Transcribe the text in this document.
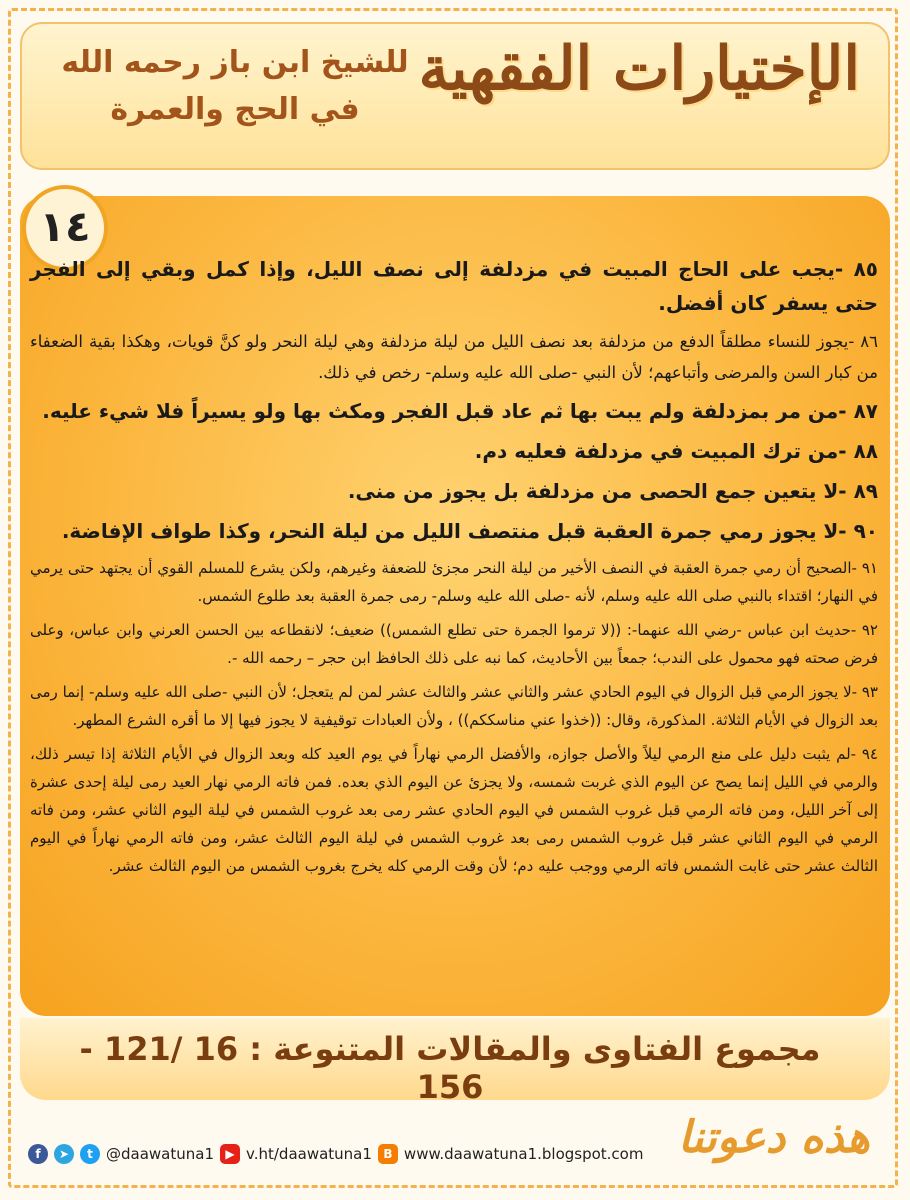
الإختيارات الفقهية
للشيخ ابن باز رحمه الله
في الحج والعمرة
١٤

٨٥ -يجب على الحاج المبيت في مزدلفة إلى نصف الليل، وإذا كمل وبقي إلى الفجر حتى يسفر كان أفضل.

٨٦ -يجوز للنساء مطلقاً الدفع من مزدلفة بعد نصف الليل من ليلة مزدلفة وهي ليلة النحر ولو كنَّ قويات، وهكذا بقية الضعفاء من كبار السن والمرضى وأتباعهم؛ لأن النبي -صلى الله عليه وسلم- رخص في ذلك.

٨٧ -من مر بمزدلفة ولم يبت بها ثم عاد قبل الفجر ومكث بها ولو يسيراً فلا شيء عليه.

٨٨ -من ترك المبيت في مزدلفة فعليه دم.

٨٩ -لا يتعين جمع الحصى من مزدلفة بل يجوز من منى.

٩٠ -لا يجوز رمي جمرة العقبة قبل منتصف الليل من ليلة النحر، وكذا طواف الإفاضة.

٩١ -الصحيح أن رمي جمرة العقبة في النصف الأخير من ليلة النحر مجزئ للضعفة وغيرهم، ولكن يشرع للمسلم القوي أن يجتهد حتى يرمي في النهار؛ اقتداء بالنبي صلى الله عليه وسلم، لأنه -صلى الله عليه وسلم- رمى جمرة العقبة بعد طلوع الشمس.

٩٢ -حديث ابن عباس -رضي الله عنهما-: ((لا ترموا الجمرة حتى تطلع الشمس)) ضعيف؛ لانقطاعه بين الحسن العرني وابن عباس، وعلى فرض صحته فهو محمول على الندب؛ جمعاً بين الأحاديث، كما نبه على ذلك الحافظ ابن حجر – رحمه الله -.

٩٣ -لا يجوز الرمي قبل الزوال في اليوم الحادي عشر والثاني عشر والثالث عشر لمن لم يتعجل؛ لأن النبي -صلى الله عليه وسلم- إنما رمى بعد الزوال في الأيام الثلاثة. المذكورة، وقال: ((خذوا عني مناسككم)) ، ولأن العبادات توقيفية لا يجوز فيها إلا ما أقره الشرع المطهر.

٩٤ -لم يثبت دليل على منع الرمي ليلاً والأصل جوازه، والأفضل الرمي نهاراً في يوم العيد كله وبعد الزوال في الأيام الثلاثة إذا تيسر ذلك، والرمي في الليل إنما يصح عن اليوم الذي غربت شمسه، ولا يجزئ عن اليوم الذي بعده. فمن فاته الرمي نهار العيد رمى ليلة إحدى عشرة إلى آخر الليل، ومن فاته الرمي قبل غروب الشمس في اليوم الحادي عشر رمى بعد غروب الشمس في ليلة اليوم الثاني عشر، ومن فاته الرمي في اليوم الثاني عشر قبل غروب الشمس رمى بعد غروب الشمس في ليلة اليوم الثالث عشر، ومن فاته الرمي نهاراً في اليوم الثالث عشر حتى غابت الشمس فاته الرمي ووجب عليه دم؛ لأن وقت الرمي كله يخرج بغروب الشمس من اليوم الثالث عشر.

مجموع الفتاوى والمقالات المتنوعة : 16 /121 - 156
f	➤	t @daawatuna1 ▶ v.ht/daawatuna1 B www.daawatuna1.blogspot.com هذه دعوتنا
